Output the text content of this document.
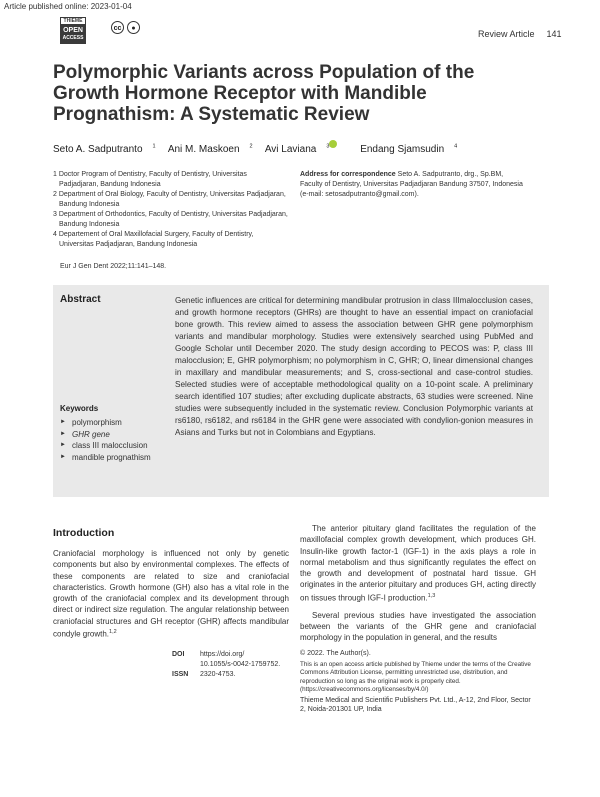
Article published online: 2023-01-04
THIEME
OPEN
ACCESS
cc	●
Review Article 141
Polymorphic Variants across Population of the Growth Hormone Receptor with Mandible Prognathism: A Systematic Review
Seto A. Sadputranto $^1$ Ani M. Maskoen $^2$ Avi Laviana $^3$	Endang Sjamsudin $^4$
1 Doctor Program of Dentistry, Faculty of Dentistry, Universitas Padjadjaran, Bandung Indonesia
2 Department of Oral Biology, Faculty of Dentistry, Universitas Padjadjaran, Bandung Indonesia
3 Department of Orthodontics, Faculty of Dentistry, Universitas Padjadjaran, Bandung Indonesia
4 Departement of Oral Maxillofacial Surgery, Faculty of Dentistry, Universitas Padjadjaran, Bandung Indonesia
Address for correspondence Seto A. Sadputranto, drg., Sp.BM, Faculty of Dentistry, Universitas Padjadjaran Bandung 37507, Indonesia
(e-mail: setosadputranto@gmail.com).
Eur J Gen Dent 2022;11:141–148.
Abstract	Genetic influences are critical for determining mandibular protrusion in class IIImalocclusion cases, and growth hormone receptors (GHRs) are thought to have an essential impact on craniofacial bone growth. This review aimed to assess the association between GHR gene polymorphism variants and mandibular morphology. Studies were extensively searched using PubMed and Google Scholar until December 2020. The study design according to PECOS was: P, class III malocclusion; E, GHR polymorphism; no polymorphism in C, GHR; O, linear dimensional changes in maxillary and mandibular measurements; and S, cross-sectional and case-control studies. Selected studies were of acceptable methodological quality on a 10-point scale. A preliminary search identified 107 studies; after excluding duplicate abstracts, 63 studies were screened. Nine studies were subsequently included in the systematic review. Conclusion Polymorphic variants at rs6180, rs6182, and rs6184 in the GHR gene were associated with condylion-gonion measures in Asians and Turks but not in Colombians and Egyptians.
Keywords
► polymorphism
► GHR gene
► class III malocclusion
► mandible prognathism
Introduction

Craniofacial morphology is influenced not only by genetic components but also by environmental complexes. The effects of these components are related to size and craniofacial characteristics. Growth hormone (GH) also has a vital role in the growth of the craniofacial complex and its development through direct or indirect size regulation. The angular relationship between craniofacial structures and GH receptor (GHR) affects mandibular condyle growth.$^{1,2}$

The anterior pituitary gland facilitates the regulation of the maxillofacial complex growth development, which produces GH. Insulin-like growth factor-1 (IGF-1) in the axis plays a role in normal metabolism and thus significantly regulates the effect on the growth and development of postnatal hard tissue. GH originates in the anterior pituitary and produces GH, acting directly on tissues through IGF-I production.$^{1,3}$

Several previous studies have investigated the association between the variants of the GHR gene and craniofacial morphology in the population in general, and the results

DOI https://doi.org/
10.1055/s-0042-1759752.
ISSN 2320-4753.
© 2022. The Author(s).
This is an open access article published by Thieme under the terms of the Creative Commons Attribution License, permitting unrestricted use, distribution, and reproduction so long as the original work is properly cited. (https://creativecommons.org/licenses/by/4.0/)
Thieme Medical and Scientific Publishers Pvt. Ltd., A-12, 2nd Floor, Sector 2, Noida-201301 UP, India
